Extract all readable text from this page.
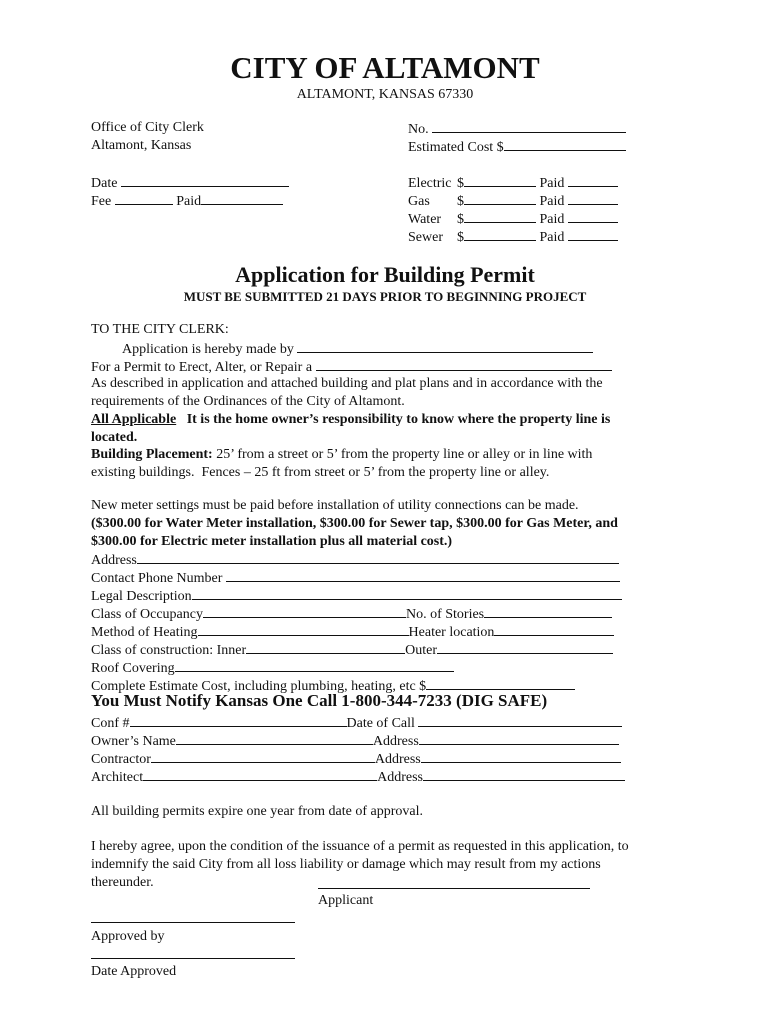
CITY OF ALTAMONT
ALTAMONT, KANSAS 67330
Office of City Clerk
Altamont, Kansas
No.
Estimated Cost $
Date
Fee	Paid
Electric $	Paid
Gas $	Paid
Water $	Paid
Sewer $	Paid
Application for Building Permit
MUST BE SUBMITTED 21 DAYS PRIOR TO BEGINNING PROJECT
TO THE CITY CLERK:
Application is hereby made by
For a Permit to Erect, Alter, or Repair a
As described in application and attached building and plat plans and in accordance with the
requirements of the Ordinances of the City of Altamont.
All Applicable It is the home owner’s responsibility to know where the property line is
located.
Building Placement: 25’ from a street or 5’ from the property line or alley or in line with
existing buildings.  Fences – 25 ft from street or 5’ from the property line or alley.
New meter settings must be paid before installation of utility connections can be made.
($300.00 for Water Meter installation, $300.00 for Sewer tap, $300.00 for Gas Meter, and
$300.00 for Electric meter installation plus all material cost.)
Address
Contact Phone Number
Legal Description
Class of Occupancy	No. of Stories
Method of Heating	Heater location
Class of construction: Inner	Outer
Roof Covering
Complete Estimate Cost, including plumbing, heating, etc $
You Must Notify Kansas One Call 1-800-344-7233 (DIG SAFE)
Conf #	Date of Call
Owner’s Name	Address
Contractor	Address
Architect	Address
All building permits expire one year from date of approval.
I hereby agree, upon the condition of the issuance of a permit as requested in this application, to
indemnify the said City from all loss liability or damage which may result from my actions
thereunder.
Applicant
Approved by
Date Approved
